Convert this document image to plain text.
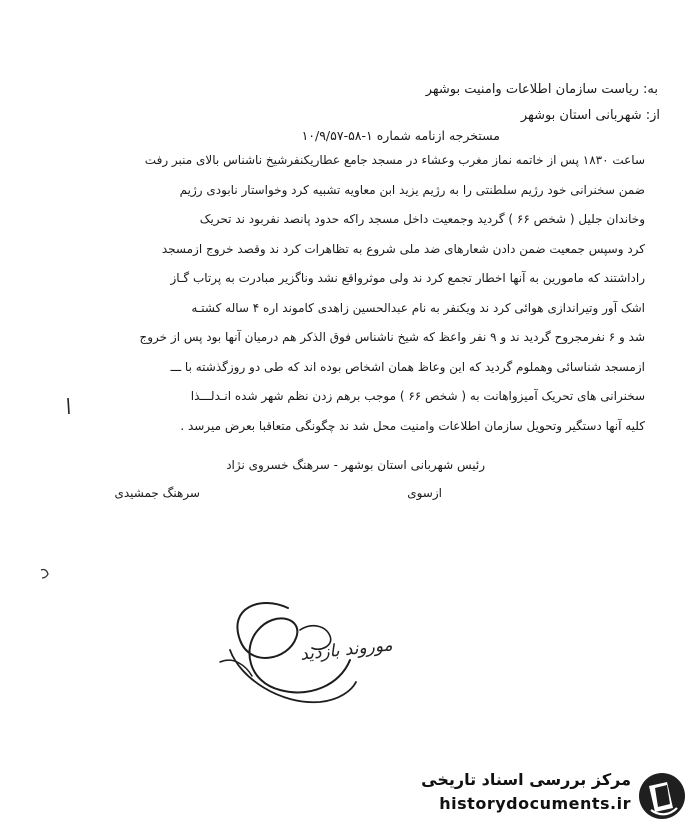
به: ریاست سازمان اطلاعات وامنیت بوشهر
از: شهربانی استان بوشهر
مستخرجه ازنامه شماره ۱-۵۸-۱۰/۹/۵۷
ساعت ۱۸۳۰ پس از خاتمه نماز مغرب وعشاء در مسجد جامع عطاریکنفرشیخ ناشناس بالای منبر رفت
ضمن سخنرانی خود رژیم سلطنتی را به رژیم یزید ابن معاویه تشبیه کرد وخواستار نابودی رژیم
وخاندان جلیل ( شخص ۶۶ ) گردید وجمعیت داخل مسجد راکه حدود پانصد نفربود ند تحریک
کرد وسپس جمعیت ضمن دادن شعارهای ضد ملی شروع به تظاهرات کرد ند وقصد خروج ازمسجد
راداشتند که مامورین به آنها اخطار تجمع کرد ند ولی موثرواقع نشد وناگزیر مبادرت به پرتاب گـاز
اشک آور وتیراندازی هوائی کرد ند ویکنفر به نام عبدالحسین زاهدی کاموند اره ۴ ساله کشتـه
شد و ۶ نفرمجروح گردید ند و ۹ نفر واعظ که شیخ ناشناس فوق الذکر هم درمیان آنها بود پس از خروج
ازمسجد شناسائی وهملوم گردید که این وعاظ همان اشخاص بوده اند که طی دو روزگذشته با ـــ
سخنرانی های تحریک آمیزواهانت به ( شخص ۶۶ ) موجب برهم زدن نظم شهر شده انـدلـــذا
کلیه آنها دستگیر وتحویل سازمان اطلاعات وامنیت محل شد ند چگونگی متعاقبا بعرض میرسد .
رئیس شهربانی استان بوشهر - سرهنگ خسروی نژاد
ازسوی
سرهنگ جمشیدی
موروند بازدید
مرکز بررسی اسناد تاریخی
historydocuments.ir
